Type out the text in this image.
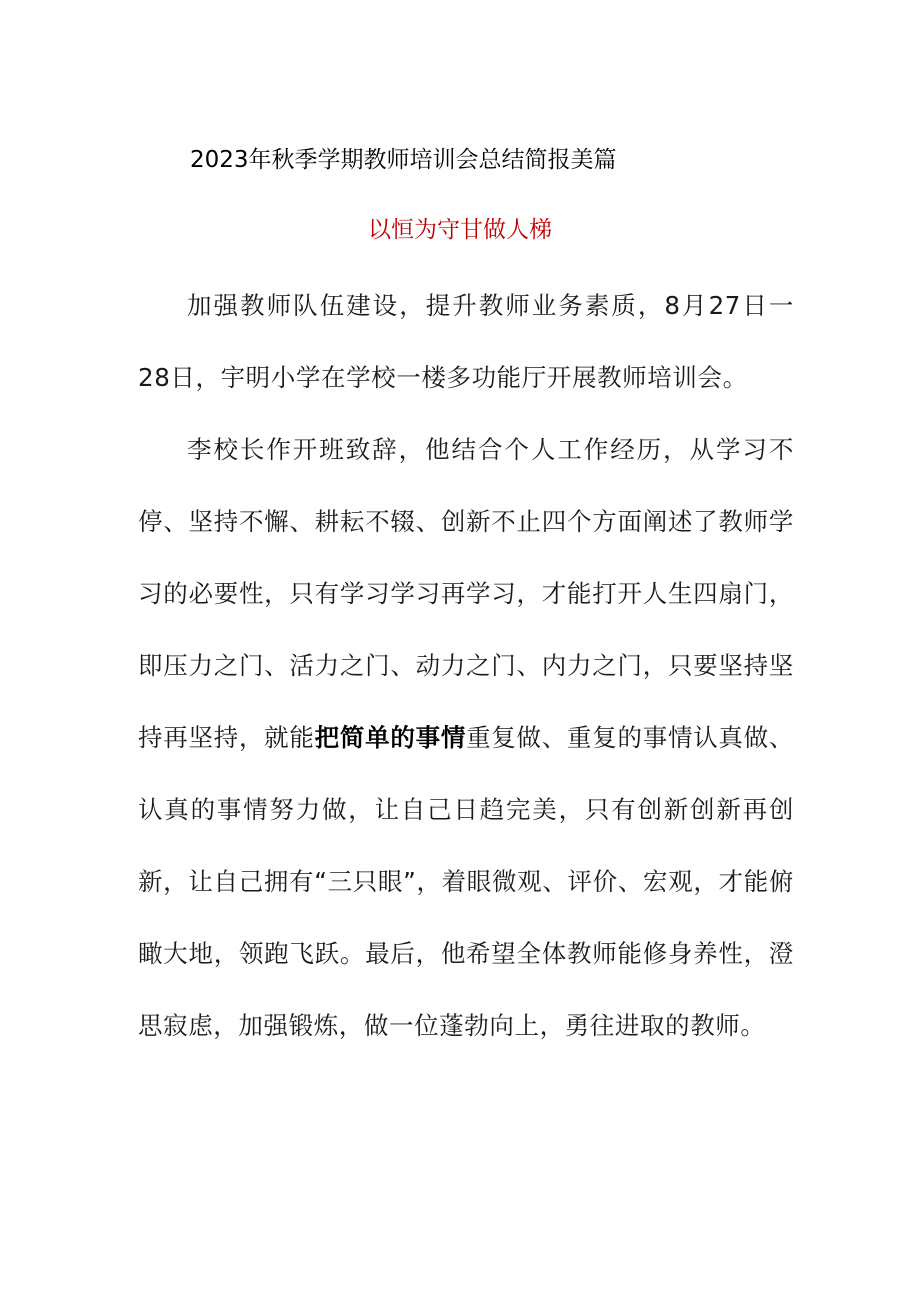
2023年秋季学期教师培训会总结简报美篇
以恒为守甘做人梯

加强教师队伍建设，提升教师业务素质，8月27日一28日，宇明小学在学校一楼多功能厅开展教师培训会。

李校长作开班致辞，他结合个人工作经历，从学习不停、坚持不懈、耕耘不辍、创新不止四个方面阐述了教师学习的必要性，只有学习学习再学习，才能打开人生四扇门，即压力之门、活力之门、动力之门、内力之门，只要坚持坚持再坚持，就能把简单的事情重复做、重复的事情认真做、认真的事情努力做，让自己日趋完美，只有创新创新再创新，让自己拥有“三只眼”，着眼微观、评价、宏观，才能俯瞰大地，领跑飞跃。最后，他希望全体教师能修身养性，澄思寂虑，加强锻炼，做一位蓬勃向上，勇往进取的教师。
